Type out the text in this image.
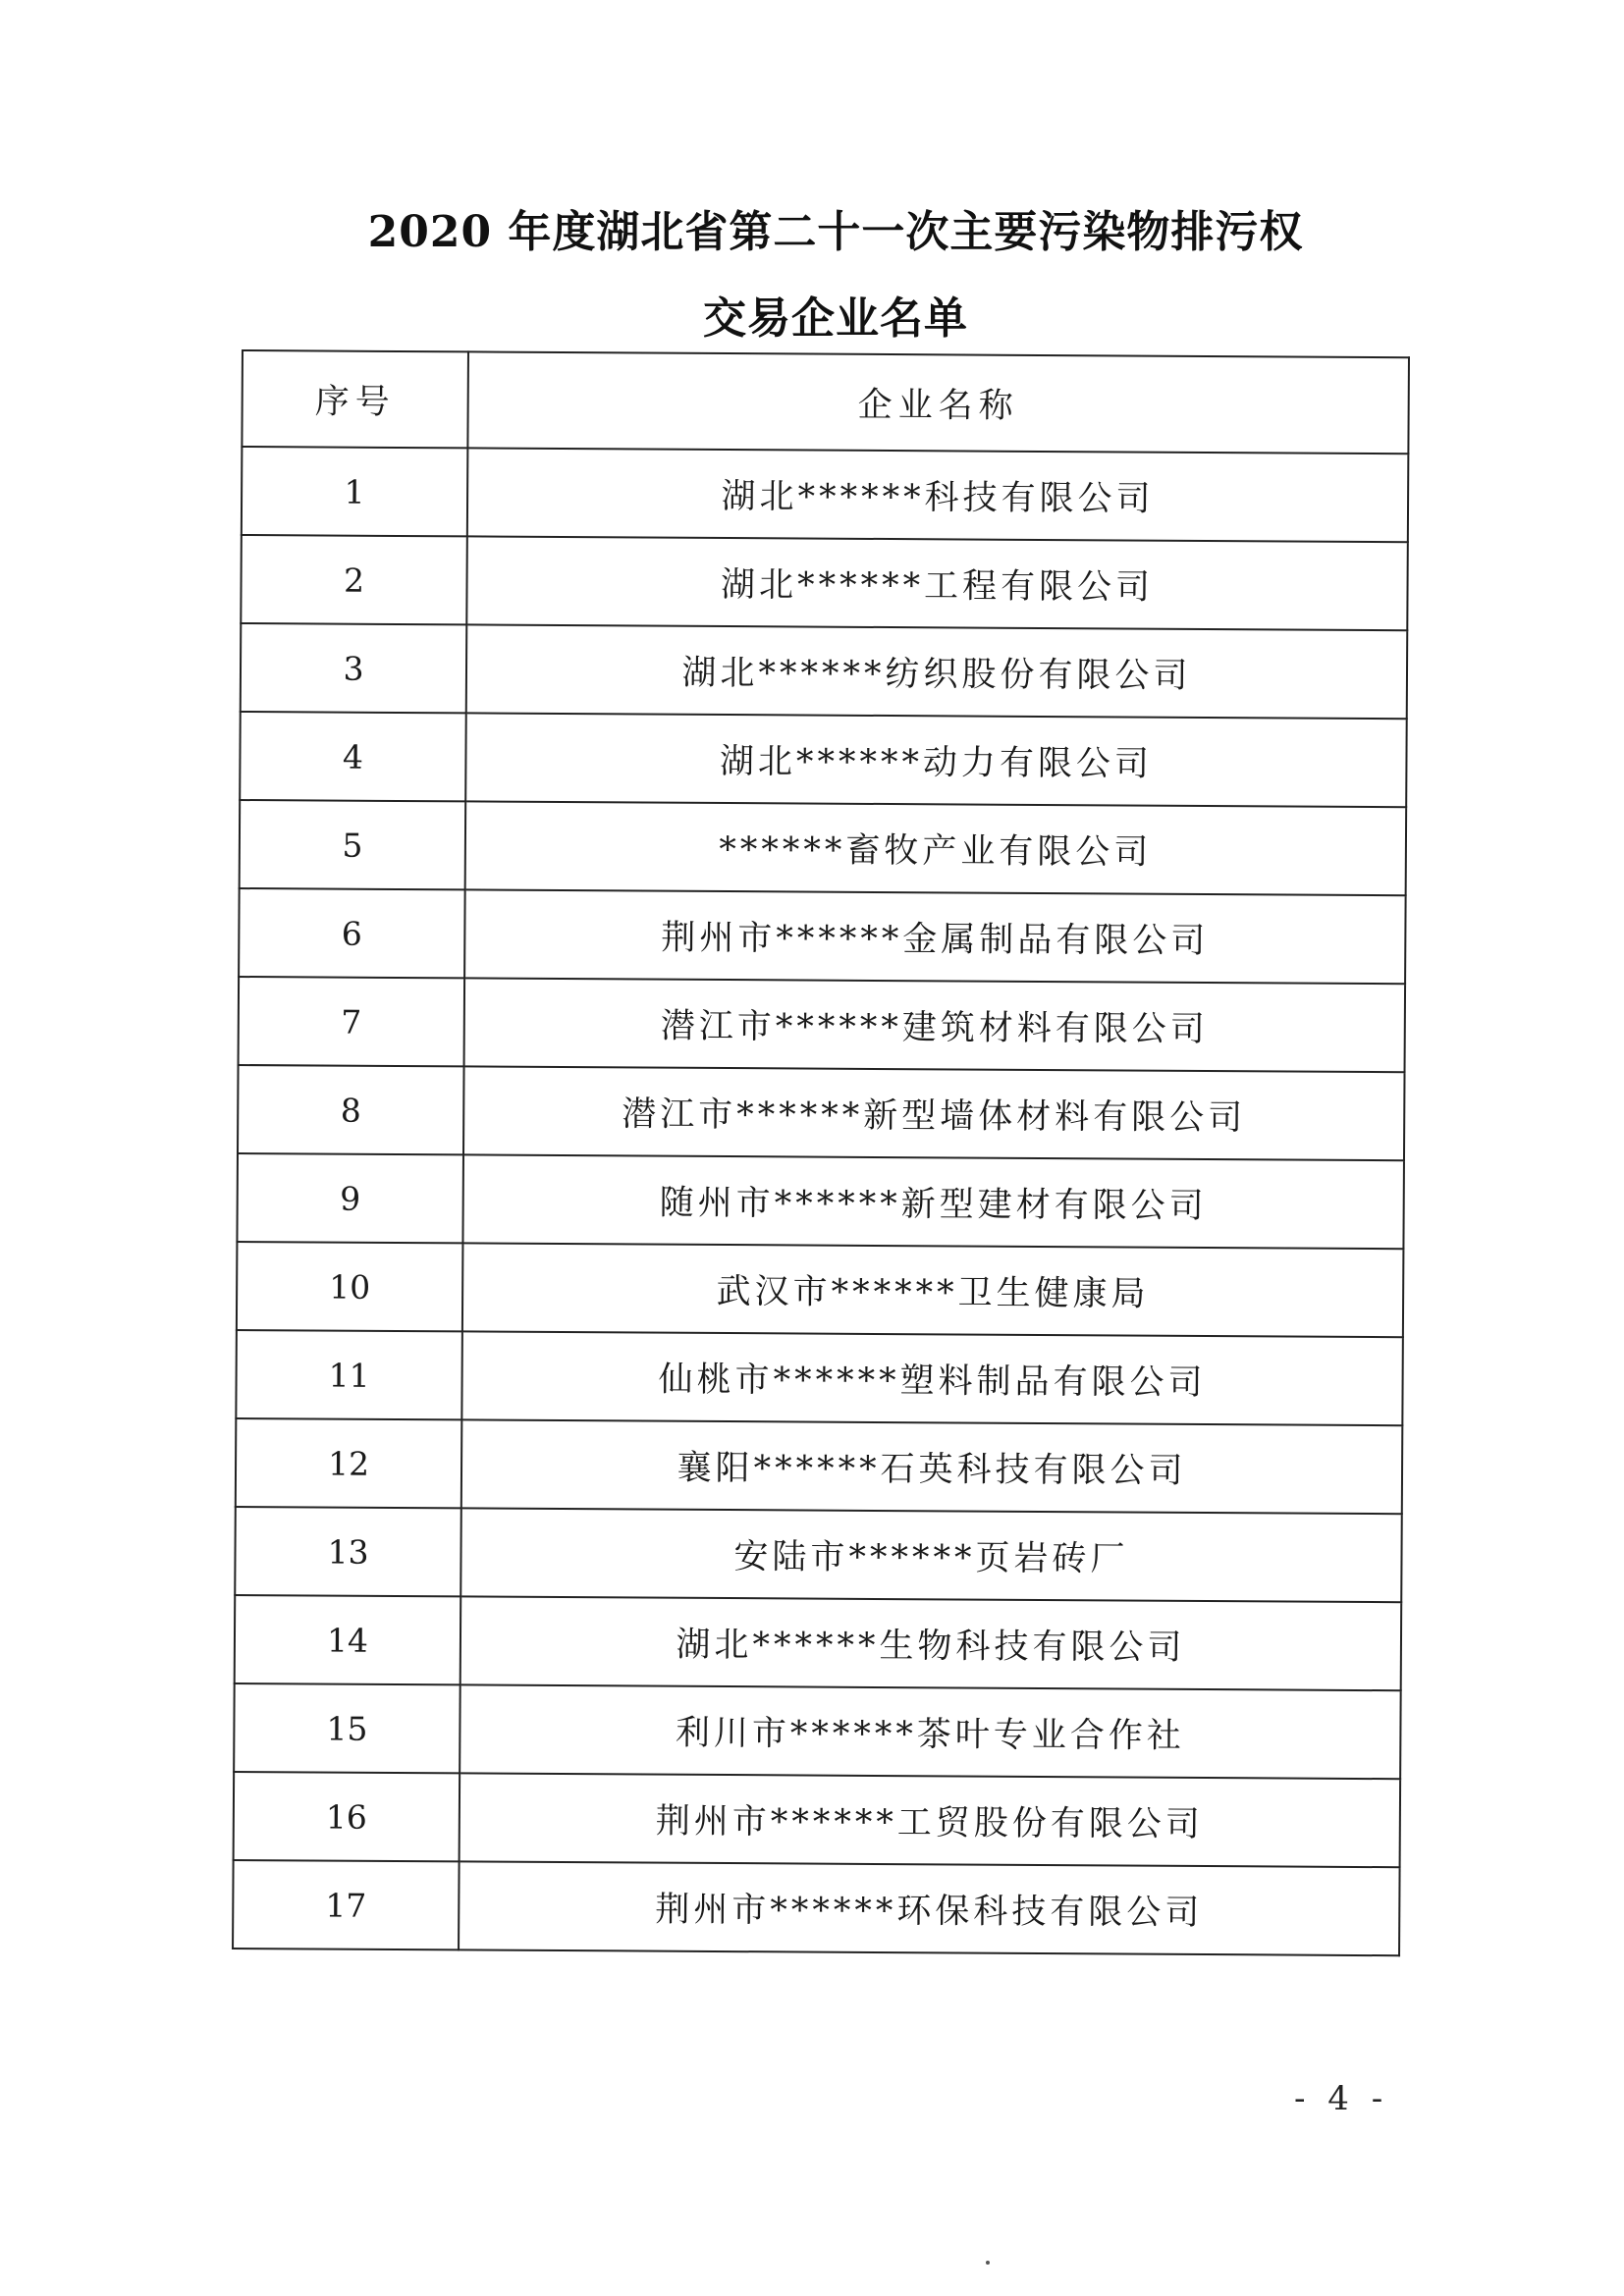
2020 年度湖北省第二十一次主要污染物排污权
交易企业名单
序号	企业名称
1	湖北******科技有限公司
2	湖北******工程有限公司
3	湖北******纺织股份有限公司
4	湖北******动力有限公司
5	******畜牧产业有限公司
6	荆州市******金属制品有限公司
7	潜江市******建筑材料有限公司
8	潜江市******新型墙体材料有限公司
9	随州市******新型建材有限公司
10	武汉市******卫生健康局
11	仙桃市******塑料制品有限公司
12	襄阳******石英科技有限公司
13	安陆市******页岩砖厂
14	湖北******生物科技有限公司
15	利川市******茶叶专业合作社
16	荆州市******工贸股份有限公司
17	荆州市******环保科技有限公司
- 4 -
